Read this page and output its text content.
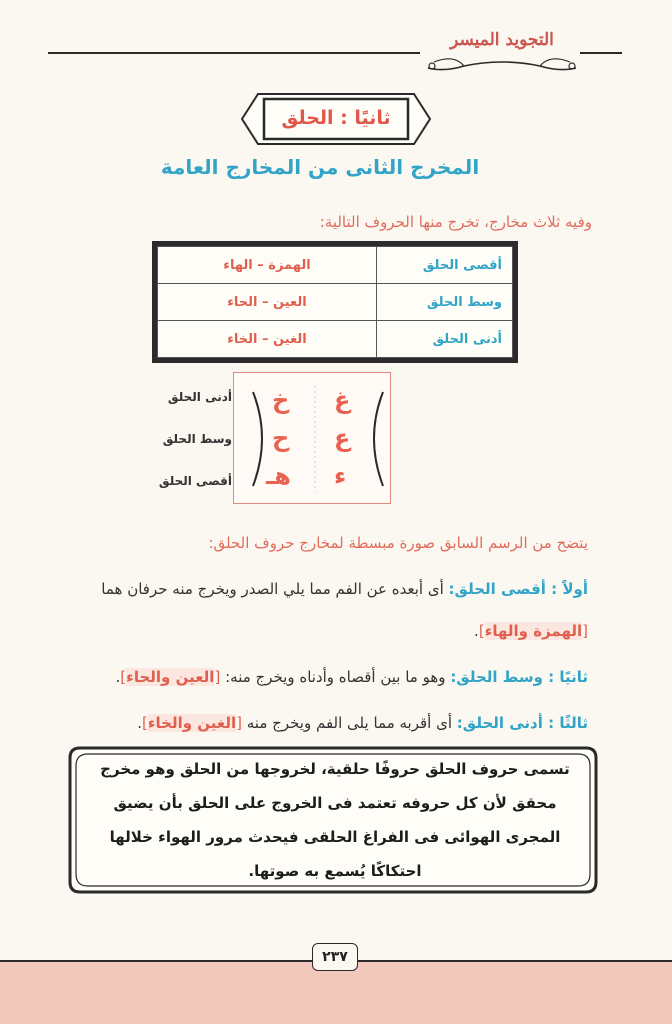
التجويد الميسر
ثانيًا : الحلق
المخرج الثانى من المخارج العامة
وفيه ثلاث مخارج، تخرج منها الحروف التالية:
أقصى الحلق	الهمزة – الهاء
وسط الحلق	العين – الحاء
أدنى الحلق	الغين – الخاء
غ
خ
ع
ح
ء
هـ
أدنى الحلق
وسط الحلق
أقصى الحلق
يتضح من الرسم السابق صورة مبسطة لمخارج حروف الحلق:
أولاً : أقصى الحلق: أى أبعده عن الفم مما يلي الصدر ويخرج منه حرفان هما
[الهمزة والهاء].
ثانيًا : وسط الحلق: وهو ما بين أقصاه وأدناه ويخرج منه: [العين والحاء].
ثالثًا : أدنى الحلق: أى أقربه مما يلى الفم ويخرج منه [الغين والخاء].
تسمى حروف الحلق حروفًا حلقية، لخروجها من الحلق وهو مخرج
محقق لأن كل حروفه تعتمد فى الخروج على الحلق بأن يضيق
المجرى الهوائى فى الفراغ الحلقى فيحدث مرور الهواء خلالها
احتكاكًا يُسمع به صوتها.
٢٣٧
